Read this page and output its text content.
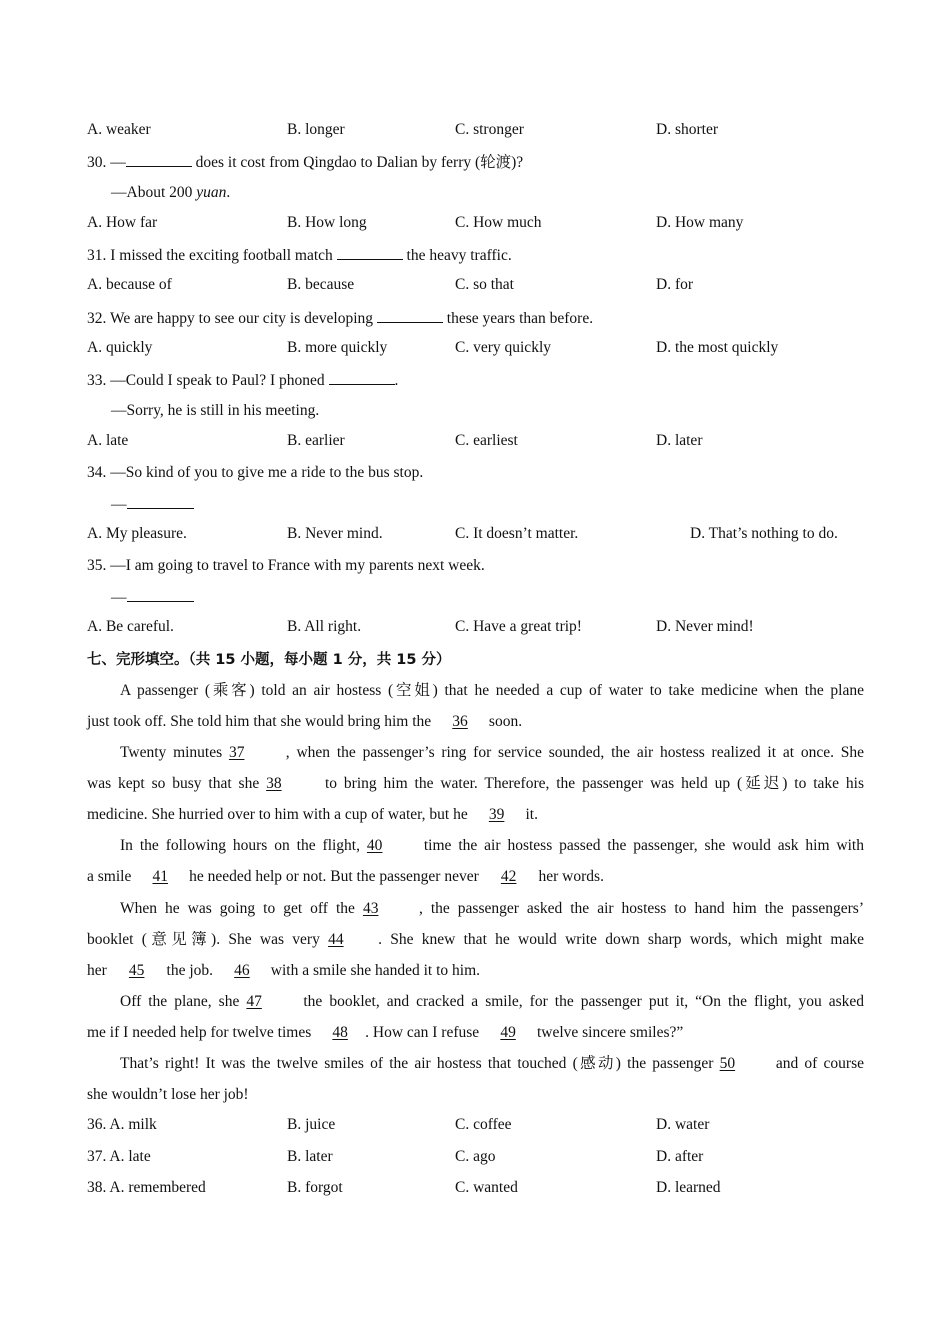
A. weaker	B. longer	C. stronger	D. shorter
30. —	does it cost from Qingdao to Dalian by ferry (轮渡)?
—About 200 yuan.
A. How far	B. How long	C. How much	D. How many
31. I missed the exciting football match	the heavy traffic.
A. because of	B. because	C. so that	D. for
32. We are happy to see our city is developing	these years than before.
A. quickly	B. more quickly	C. very quickly	D. the most quickly
33. —Could I speak to Paul? I phoned	.
—Sorry, he is still in his meeting.
A. late	B. earlier	C. earliest	D. later
34. —So kind of you to give me a ride to the bus stop.
—
A. My pleasure.	B. Never mind.	C. It doesn’t matter.	D. That’s nothing to do.
35. —I am going to travel to France with my parents next week.
—
A. Be careful.	B. All right.	C. Have a great trip!	D. Never mind!
七、完形填空。（共 15 小题，每小题 1 分，共 15 分）
A passenger (乘客) told an air hostess (空姐) that he needed a cup of water to take medicine when the plane
just took off. She told him that she would bring him the 36 soon.
Twenty minutes 37 , when the passenger’s ring for service sounded, the air hostess realized it at once. She
was kept so busy that she 38 to bring him the water. Therefore, the passenger was held up (延迟) to take his
medicine. She hurried over to him with a cup of water, but he 39 it.
In the following hours on the flight, 40 time the air hostess passed the passenger, she would ask him with
a smile 41 he needed help or not. But the passenger never 42 her words.
When he was going to get off the 43	, the passenger asked the air hostess to hand him the passengers’
booklet (意见簿). She was very 44 . She knew that he would write down sharp words, which might make
her 45 the job. 46 with a smile she handed it to him.
Off the plane, she 47 the booklet, and cracked a smile, for the passenger put it, “On the flight, you asked
me if I needed help for twelve times 48 . How can I refuse 49 twelve sincere smiles?”
That’s right! It was the twelve smiles of the air hostess that touched (感动) the passenger 50 and of course
she wouldn’t lose her job!
36. A. milk	B. juice	C. coffee	D. water
37. A. late	B. later	C. ago	D. after
38. A. remembered	B. forgot	C. wanted	D. learned
